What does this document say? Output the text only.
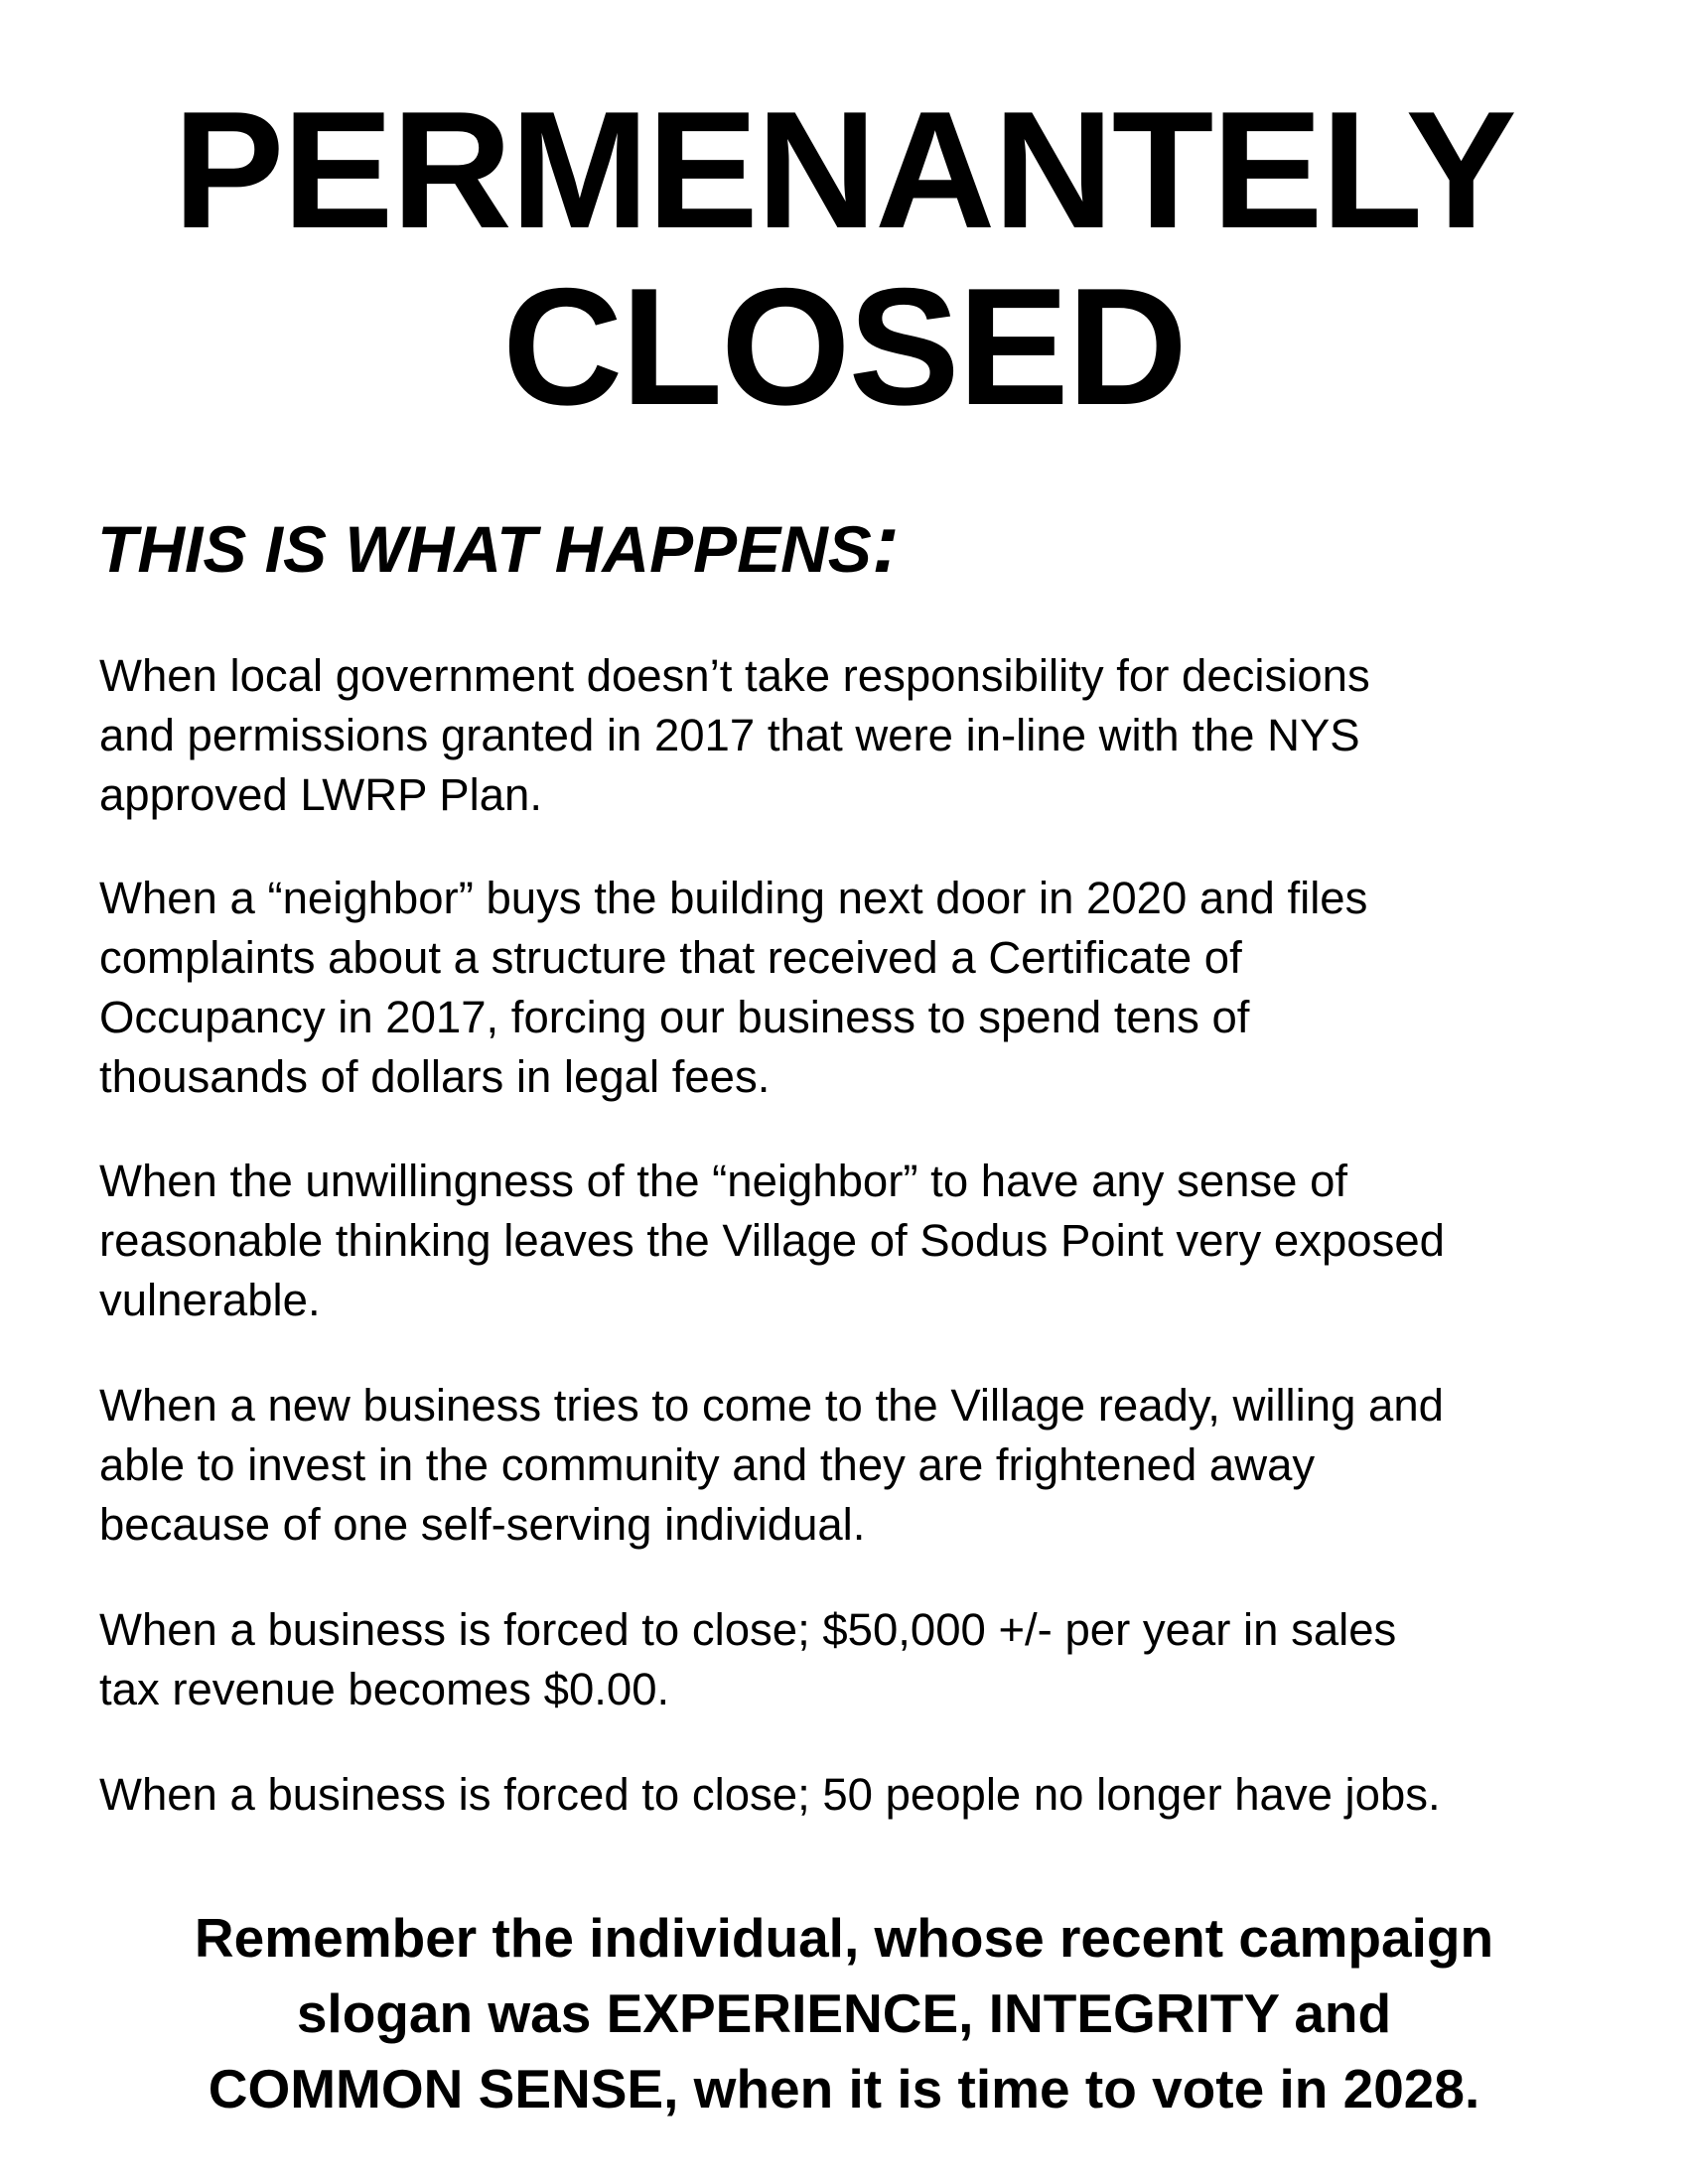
PERMENANTELY
CLOSED
THIS IS WHAT HAPPENS:
When local government doesn’t take responsibility for decisions
and permissions granted in 2017 that were in-line with the NYS
approved LWRP Plan.
When a “neighbor” buys the building next door in 2020 and files
complaints about a structure that received a Certificate of
Occupancy in 2017, forcing our business to spend tens of
thousands of dollars in legal fees.
When the unwillingness of the “neighbor” to have any sense of
reasonable thinking leaves the Village of Sodus Point very exposed
vulnerable.
When a new business tries to come to the Village ready, willing and
able to invest in the community and they are frightened away
because of one self-serving individual.
When a business is forced to close; $50,000 +/- per year in sales
tax revenue becomes $0.00.
When a business is forced to close; 50 people no longer have jobs.
Remember the individual, whose recent campaign
slogan was EXPERIENCE, INTEGRITY and
COMMON SENSE, when it is time to vote in 2028.
